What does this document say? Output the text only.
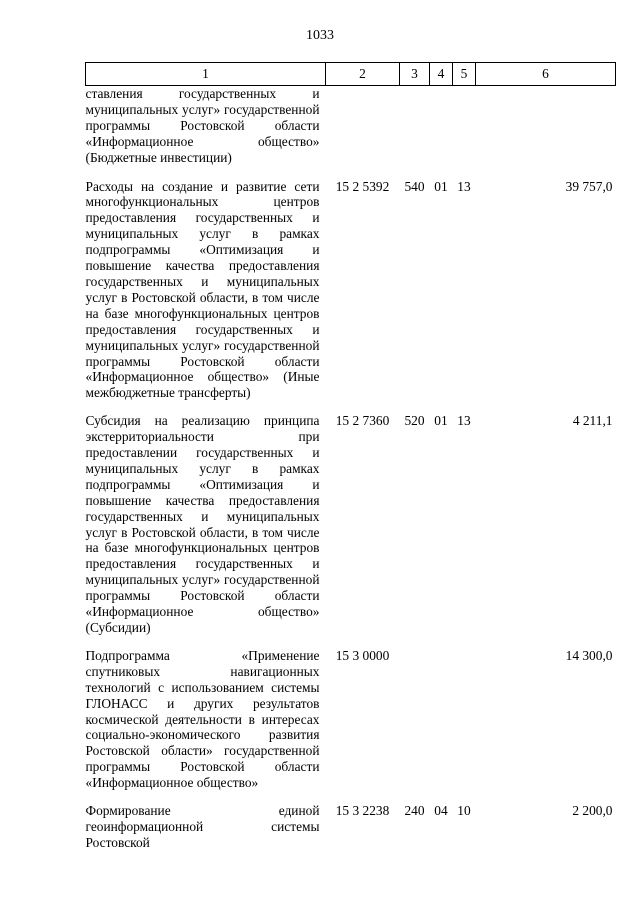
1033
1	2	3	4	5	6
ставления государственных и муниципальных услуг» государственной программы Ростовской области «Информационное общество» (Бюджетные инвестиции)					
Расходы на создание и развитие сети многофункциональных центров предоставления государственных и муниципальных услуг в рамках подпрограммы «Оптимизация и повышение качества предоставления государственных и муниципальных услуг в Ростовской области, в том числе на базе многофункциональных центров предоставления государственных и муниципальных услуг» государственной программы Ростовской области «Информационное общество» (Иные межбюджетные трансферты)	15 2 5392	540	01	13	39 757,0
Субсидия на реализацию принципа экстерриториальности при предоставлении государственных и муниципальных услуг в рамках подпрограммы «Оптимизация и повышение качества предоставления государственных и муниципальных услуг в Ростовской области, в том числе на базе многофункциональных центров предоставления государственных и муниципальных услуг» государственной программы Ростовской области «Информационное общество» (Субсидии)	15 2 7360	520	01	13	4 211,1
Подпрограмма «Применение спутниковых навигационных технологий с использованием системы ГЛОНАСС и других результатов космической деятельности в интересах социально-экономического развития Ростовской области» государственной программы Ростовской области «Информационное общество»	15 3 0000				14 300,0
Формирование единой геоинформационной системы Ростовской	15 3 2238	240	04	10	2 200,0
